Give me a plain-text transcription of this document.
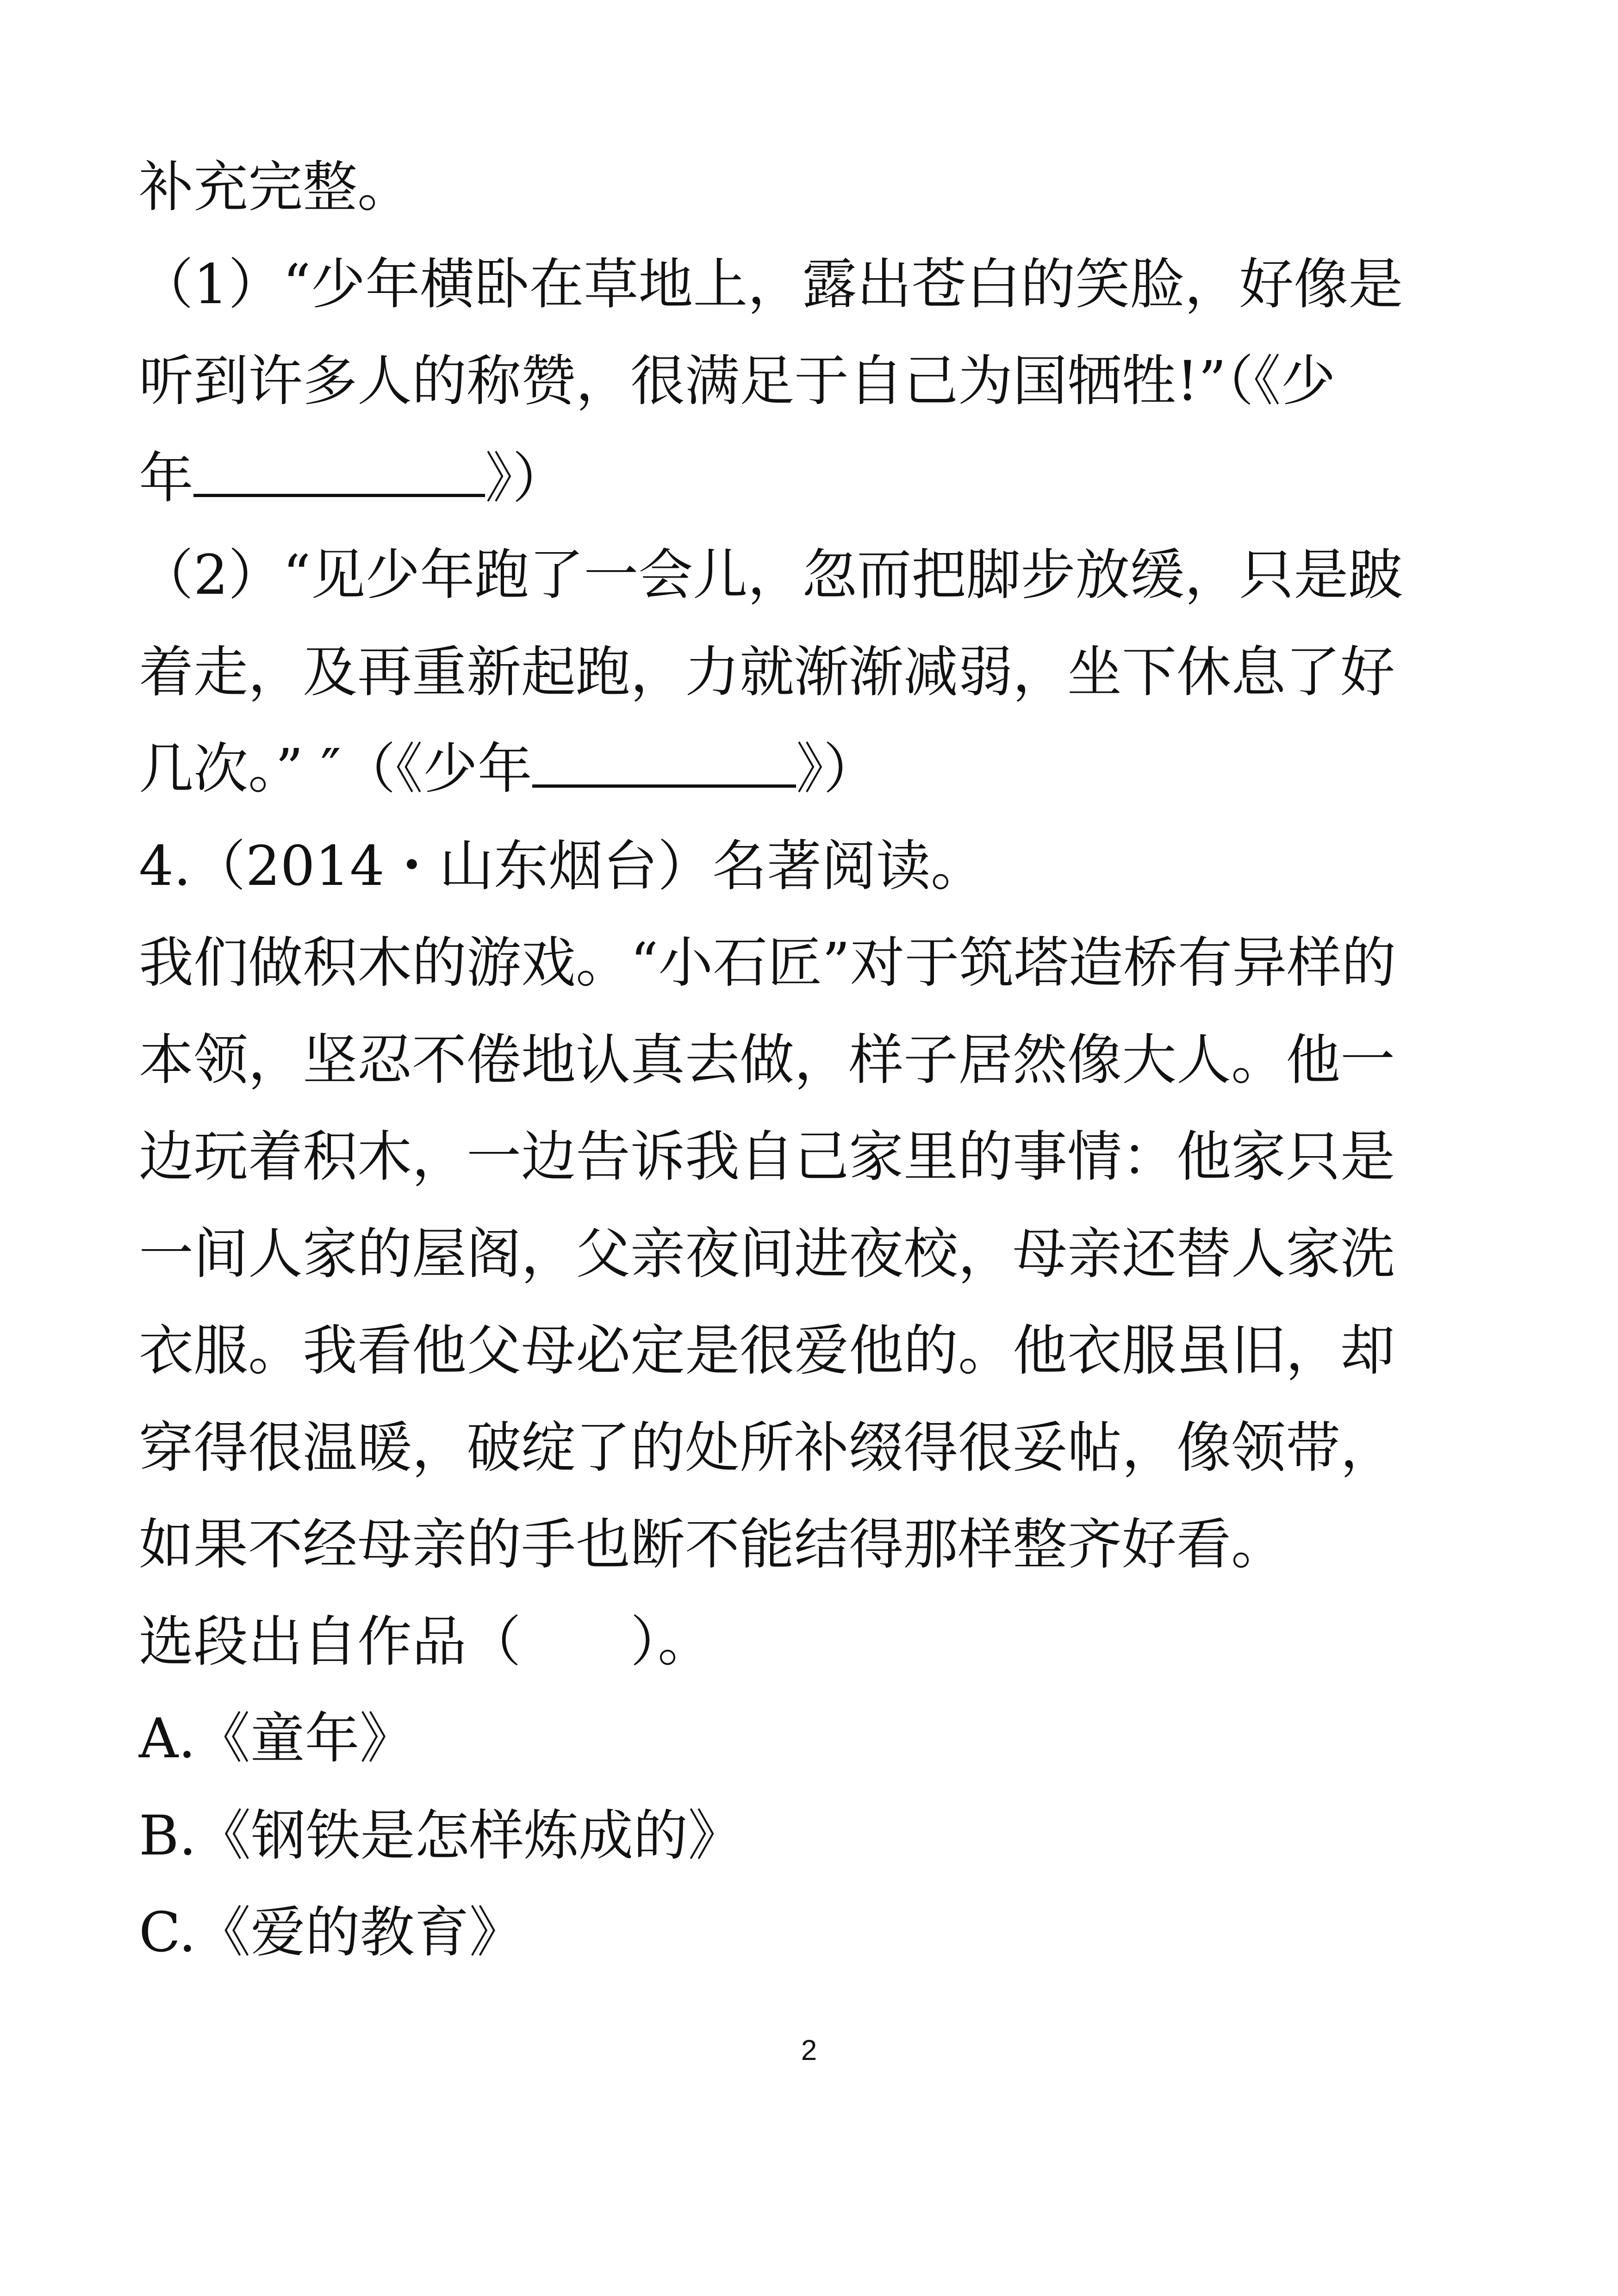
补充完整。
（1）“少年横卧在草地上，露出苍白的笑脸，好像是
听到许多人的称赞，很满足于自己为国牺牲!”（《少
年	》）
（2）“见少年跑了一会儿，忽而把脚步放缓，只是跛
着走，及再重新起跑，力就渐渐减弱，坐下休息了好
几次。” ″（《少年	》）
4.（2014・山东烟台）名著阅读。
我们做积木的游戏。“小石匠”对于筑塔造桥有异样的
本领，坚忍不倦地认真去做，样子居然像大人。他一
边玩着积木，一边告诉我自己家里的事情：他家只是
一间人家的屋阁，父亲夜间进夜校，母亲还替人家洗
衣服。我看他父母必定是很爱他的。他衣服虽旧，却
穿得很温暖，破绽了的处所补缀得很妥帖，像领带，
如果不经母亲的手也断不能结得那样整齐好看。
选段出自作品（　　）。
A.《童年》
B.《钢铁是怎样炼成的》
C.《爱的教育》
2
